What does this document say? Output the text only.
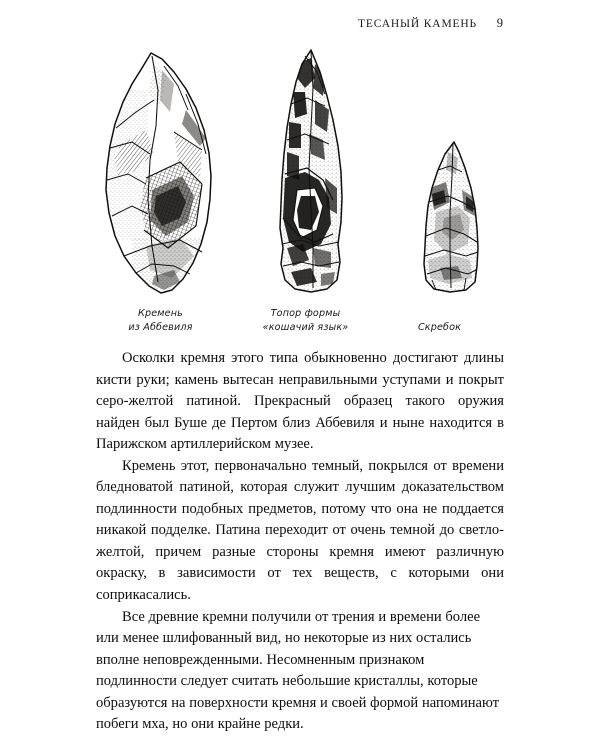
ТЕСАНЫЙ КАМЕНЬ	9
Кремень
из Аббевиля
Топор формы
«кошачий язык»	Скребок

Осколки кремня этого типа обыкновенно достигают длины кисти руки; камень вытесан неправильными уступами и покрыт серо-желтой патиной. Прекрасный образец такого оружия найден был Буше де Пертом близ Аббевиля и ныне находится в Парижском артиллерийском музее.

Кремень этот, первоначально темный, покрылся от времени бледноватой патиной, которая служит лучшим доказательством подлинности подобных предметов, потому что она не поддается никакой подделке. Патина переходит от очень темной до светло-желтой, причем разные стороны кремня имеют различную окраску, в зависимости от тех веществ, с которыми они соприкасались.

Все древние кремни получили от трения и времени более или менее шлифованный вид, но некоторые из них остались вполне неповрежденными. Несомненным признаком подлинности следует считать небольшие кристаллы, которые образуются на поверхности кремня и своей формой напоминают побеги мха, но они крайне редки.
